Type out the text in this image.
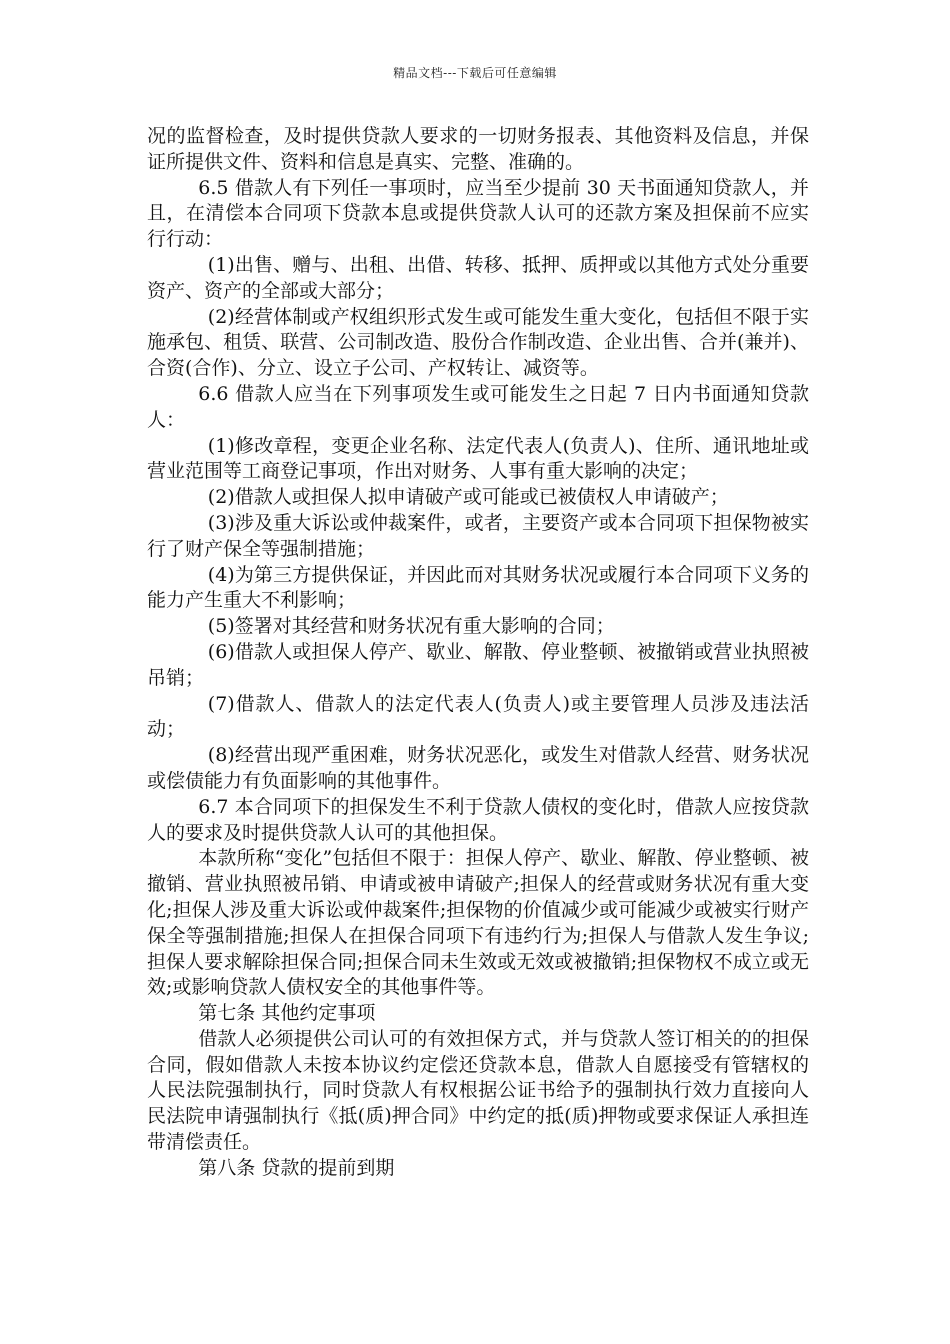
精品文档---下载后可任意编辑

况的监督检查，及时提供贷款人要求的一切财务报表、其他资料及信息，并保证所提供文件、资料和信息是真实、完整、准确的。

6.5 借款人有下列任一事项时，应当至少提前 30 天书面通知贷款人，并且，在清偿本合同项下贷款本息或提供贷款人认可的还款方案及担保前不应实行行动：

(1)出售、赠与、出租、出借、转移、抵押、质押或以其他方式处分重要资产、资产的全部或大部分；

(2)经营体制或产权组织形式发生或可能发生重大变化，包括但不限于实施承包、租赁、联营、公司制改造、股份合作制改造、企业出售、合并(兼并)、合资(合作)、分立、设立子公司、产权转让、减资等。

6.6 借款人应当在下列事项发生或可能发生之日起 7 日内书面通知贷款人：

(1)修改章程，变更企业名称、法定代表人(负责人)、住所、通讯地址或营业范围等工商登记事项，作出对财务、人事有重大影响的决定；

(2)借款人或担保人拟申请破产或可能或已被债权人申请破产；

(3)涉及重大诉讼或仲裁案件，或者，主要资产或本合同项下担保物被实行了财产保全等强制措施；

(4)为第三方提供保证，并因此而对其财务状况或履行本合同项下义务的能力产生重大不利影响；

(5)签署对其经营和财务状况有重大影响的合同；

(6)借款人或担保人停产、歇业、解散、停业整顿、被撤销或营业执照被吊销；

(7)借款人、借款人的法定代表人(负责人)或主要管理人员涉及违法活动；

(8)经营出现严重困难，财务状况恶化，或发生对借款人经营、财务状况或偿债能力有负面影响的其他事件。

6.7 本合同项下的担保发生不利于贷款人债权的变化时，借款人应按贷款人的要求及时提供贷款人认可的其他担保。

本款所称“变化”包括但不限于：担保人停产、歇业、解散、停业整顿、被撤销、营业执照被吊销、申请或被申请破产;担保人的经营或财务状况有重大变化;担保人涉及重大诉讼或仲裁案件;担保物的价值减少或可能减少或被实行财产保全等强制措施;担保人在担保合同项下有违约行为;担保人与借款人发生争议;担保人要求解除担保合同;担保合同未生效或无效或被撤销;担保物权不成立或无效;或影响贷款人债权安全的其他事件等。

第七条 其他约定事项

借款人必须提供公司认可的有效担保方式，并与贷款人签订相关的的担保合同，假如借款人未按本协议约定偿还贷款本息，借款人自愿接受有管辖权的人民法院强制执行，同时贷款人有权根据公证书给予的强制执行效力直接向人民法院申请强制执行《抵(质)押合同》中约定的抵(质)押物或要求保证人承担连带清偿责任。

第八条 贷款的提前到期
